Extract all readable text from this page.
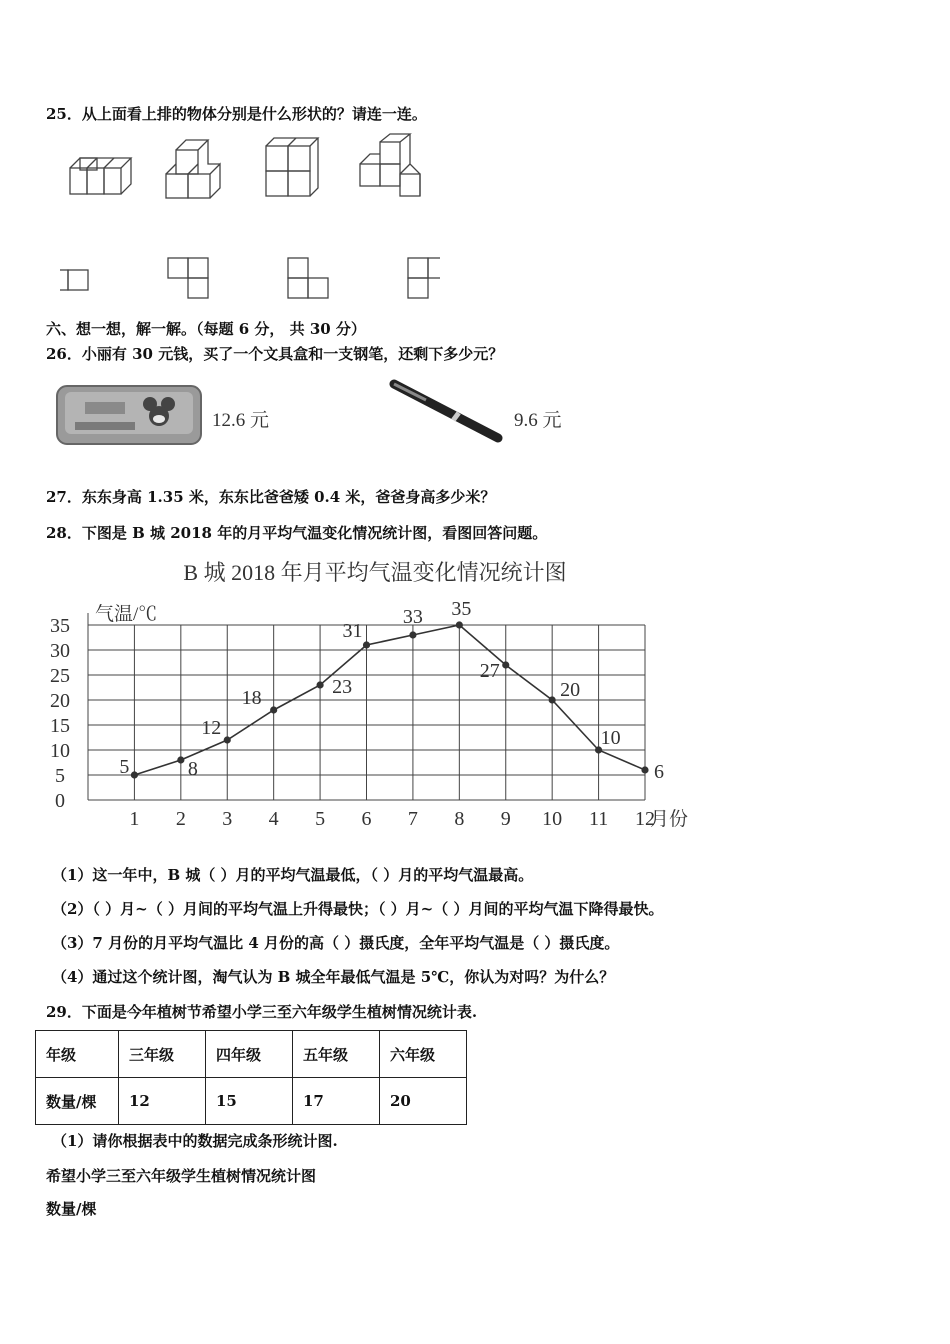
25．从上面看上排的物体分别是什么形状的？请连一连。
六、想一想，解一解。（每题 6 分， 共 30 分）
26．小丽有 30 元钱，买了一个文具盒和一支钢笔，还剩下多少元？
12.6 元	9.6 元
27．东东身高 1.35 米，东东比爸爸矮 0.4 米，爸爸身高多少米？
28．下图是 B 城 2018 年的月平均气温变化情况统计图，看图回答问题。
B 城 2018 年月平均气温变化情况统计图
气温/℃
月份
0
5
10
15
20
25
30
35
1 2 3 4 5 6 7 8 9 10 11 12
5	8
12
18	23
31
33 35
27
20
10
6
（1）这一年中，B 城（ ）月的平均气温最低，（ ）月的平均气温最高。
（2）（ ）月~（ ）月间的平均气温上升得最快；（ ）月~（ ）月间的平均气温下降得最快。
（3）7 月份的月平均气温比 4 月份的高（ ）摄氏度，全年平均气温是（ ）摄氏度。
（4）通过这个统计图，淘气认为 B 城全年最低气温是 5℃，你认为对吗？为什么？
29．下面是今年植树节希望小学三至六年级学生植树情况统计表.
年级	三年级	四年级	五年级	六年级
数量/棵	12	15	17	20
（1）请你根据表中的数据完成条形统计图.
希望小学三至六年级学生植树情况统计图
数量/棵
